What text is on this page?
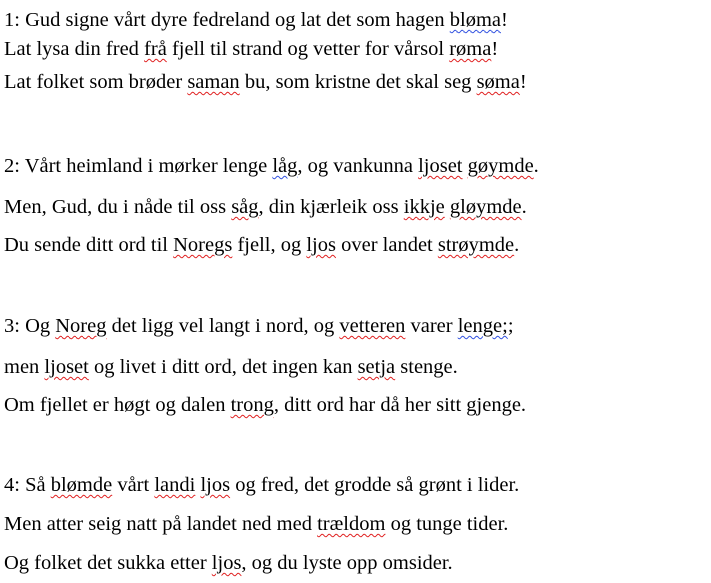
1: Gud signe vårt dyre fedreland og lat det som hagen bløma!
Lat lysa din fred frå fjell til strand og vetter for vårsol røma!
Lat folket som brøder saman bu, som kristne det skal seg søma!
2: Vårt heimland i mørker lenge låg, og vankunna ljoset gøymde.
Men, Gud, du i nåde til oss såg, din kjærleik oss ikkje gløymde.
Du sende ditt ord til Noregs fjell, og ljos over landet strøymde.
3: Og Noreg det ligg vel langt i nord, og vetteren varer lenge;;
men ljoset og livet i ditt ord, det ingen kan setja stenge.
Om fjellet er høgt og dalen trong, ditt ord har då her sitt gjenge.
4: Så blømde vårt landi ljos og fred, det grodde så grønt i lider.
Men atter seig natt på landet ned med trældom og tunge tider.
Og folket det sukka etter ljos, og du lyste opp omsider.
